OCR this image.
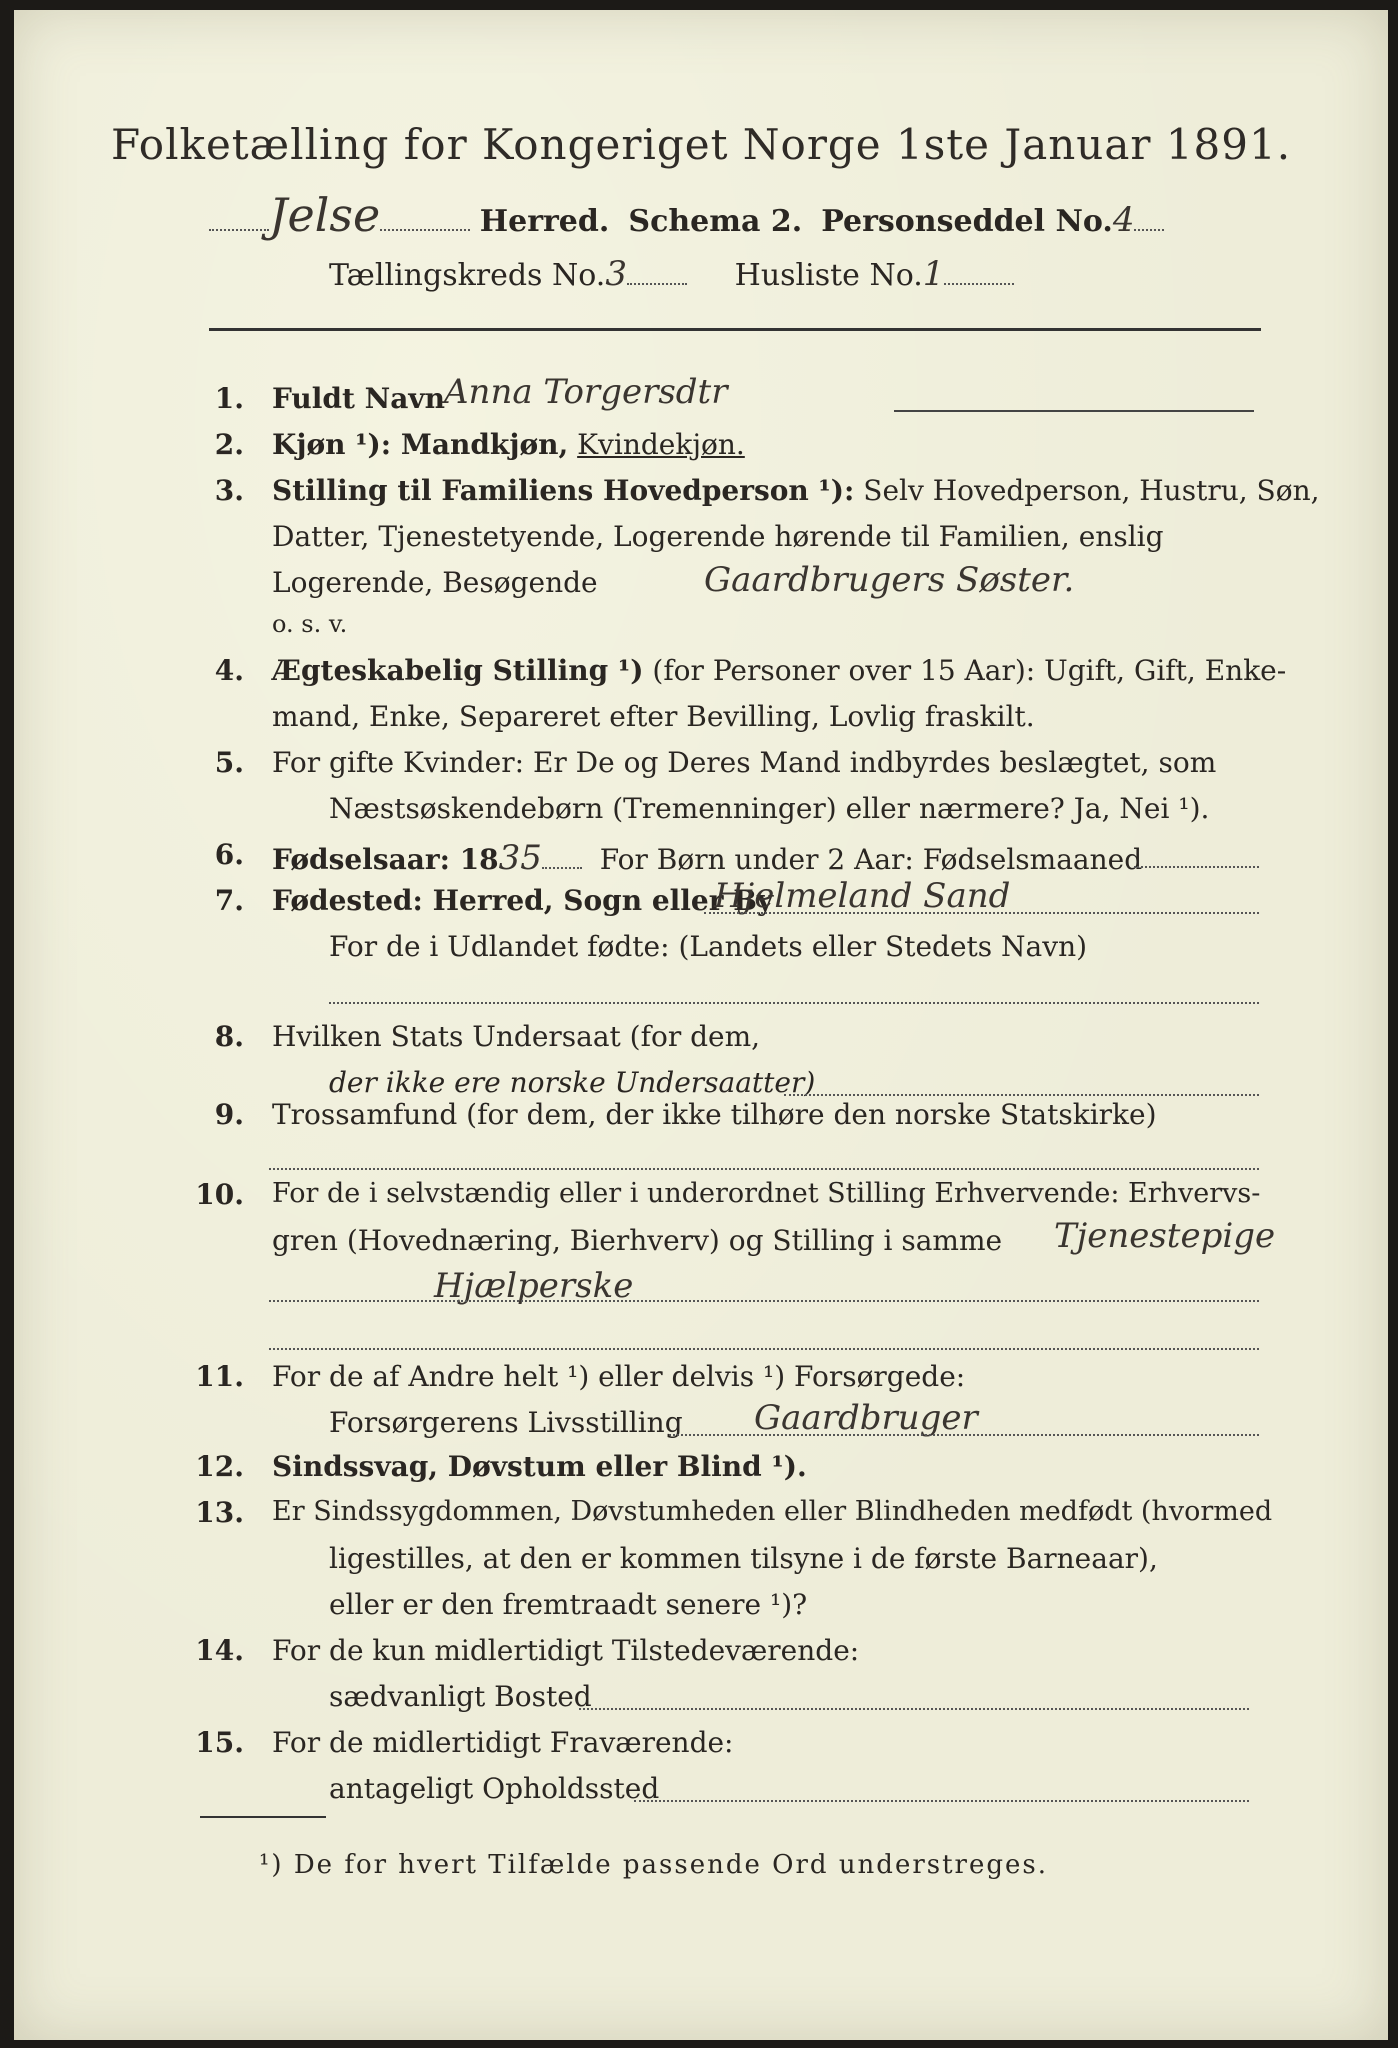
Folketælling for Kongeriget Norge 1ste Januar 1891.
Jelse	Herred. Schema 2. Personseddel No.4
Tællingskreds No.3	Husliste No.1
1. Fuldt Navn
Anna Torgersdtr
2. Kjøn ¹): Mandkjøn, Kvindekjøn.
3. Stilling til Familiens Hovedperson ¹): Selv Hovedperson, Hustru, Søn,
Datter, Tjenestetyende, Logerende hørende til Familien, enslig
Logerende, Besøgende	Gaardbrugers Søster.
o. s. v.
4. Ægteskabelig Stilling ¹) (for Personer over 15 Aar): Ugift, Gift, Enke-
mand, Enke, Separeret efter Bevilling, Lovlig fraskilt.
5. For gifte Kvinder: Er De og Deres Mand indbyrdes beslægtet, som
Næstsøskendebørn (Tremenninger) eller nærmere? Ja, Nei ¹).
6. Fødselsaar: 1835 For Børn under 2 Aar: Fødselsmaaned
7. Fødested: Herred, Sogn eller By
Hjelmeland Sand
For de i Udlandet fødte: (Landets eller Stedets Navn)
8. Hvilken Stats Undersaat (for dem,
der ikke ere norske Undersaatter)
9. Trossamfund (for dem, der ikke tilhøre den norske Statskirke)
10. For de i selvstændig eller i underordnet Stilling Erhvervende: Erhvervs-
gren (Hovednæring, Bierhverv) og Stilling i samme Tjenestepige
Hjælperske
11. For de af Andre helt ¹) eller delvis ¹) Forsørgede:
Forsørgerens Livsstilling Gaardbruger
12. Sindssvag, Døvstum eller Blind ¹).
13. Er Sindssygdommen, Døvstumheden eller Blindheden medfødt (hvormed
ligestilles, at den er kommen tilsyne i de første Barneaar),
eller er den fremtraadt senere ¹)?
14. For de kun midlertidigt Tilstedeværende:
sædvanligt Bosted
15. For de midlertidigt Fraværende:
antageligt Opholdssted
¹) De for hvert Tilfælde passende Ord understreges.
